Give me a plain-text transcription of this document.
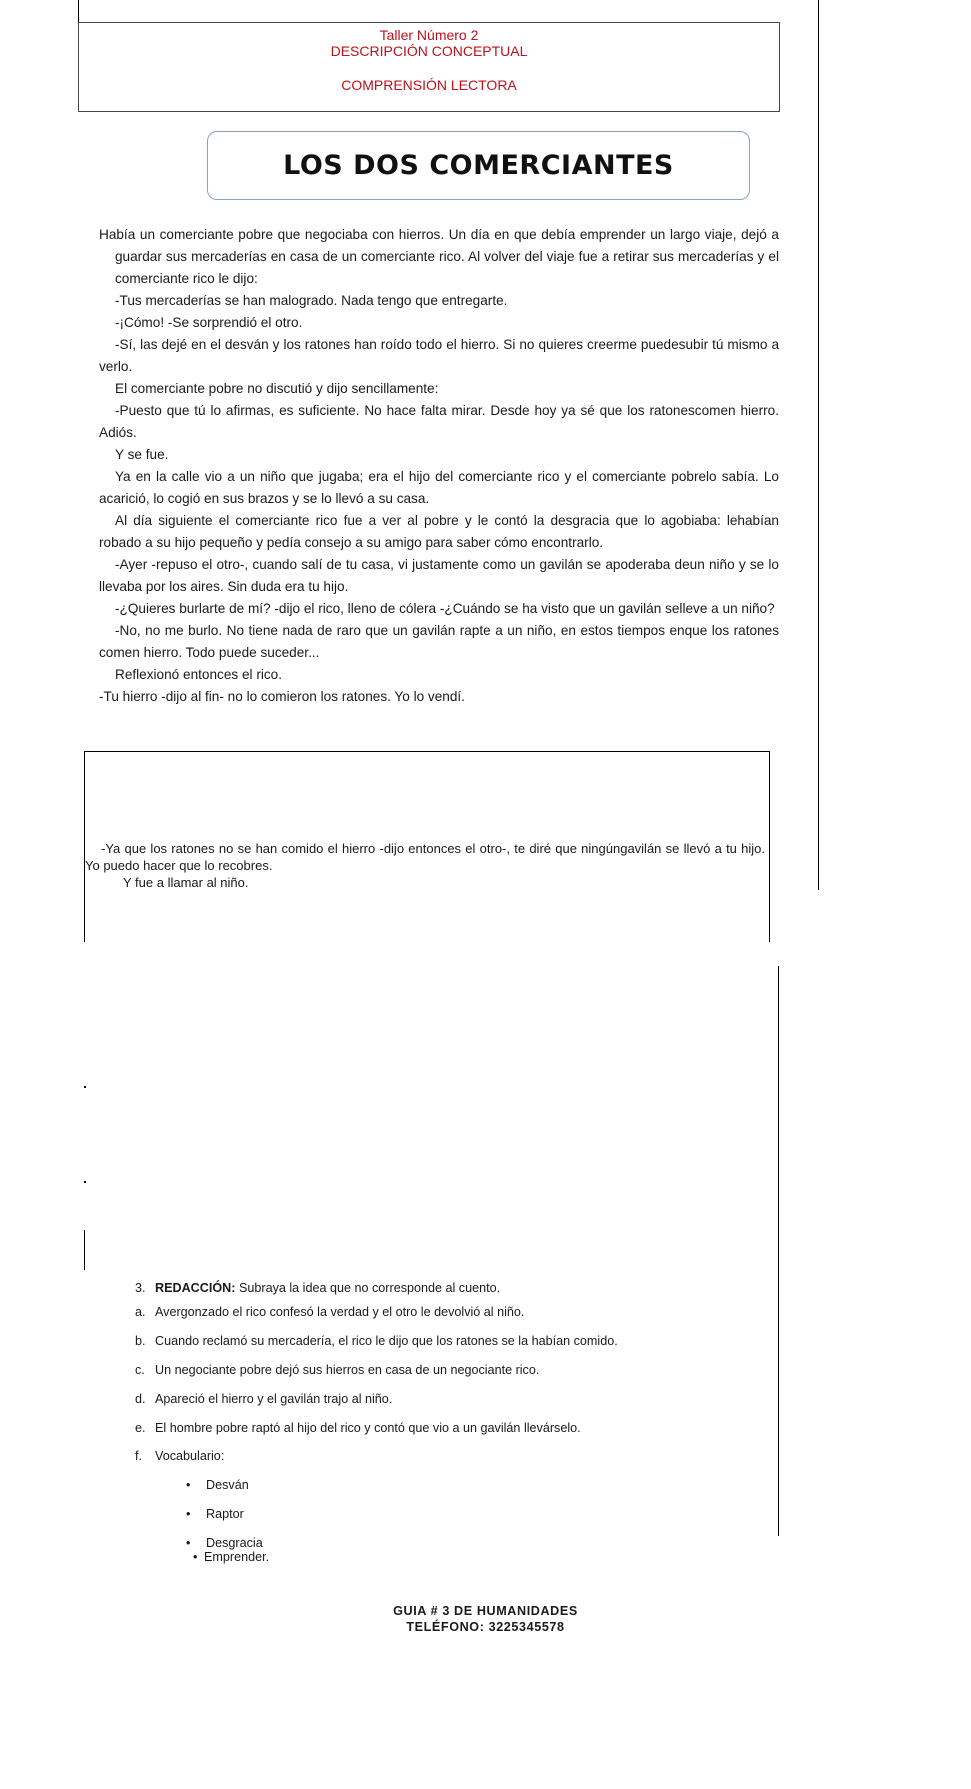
Taller Número 2
DESCRIPCIÓN CONCEPTUAL
COMPRENSIÓN LECTORA
LOS DOS COMERCIANTES

Había un comerciante pobre que negociaba con hierros. Un día en que debía emprender un largo viaje, dejó a guardar sus mercaderías en casa de un comerciante rico. Al volver del viaje fue a retirar sus mercaderías y el comerciante rico le dijo:

-Tus mercaderías se han malogrado. Nada tengo que entregarte.

-¡Cómo! -Se sorprendió el otro.

-Sí, las dejé en el desván y los ratones han roído todo el hierro. Si no quieres creerme puedesubir tú mismo a verlo.

El comerciante pobre no discutió y dijo sencillamente:

-Puesto que tú lo afirmas, es suficiente. No hace falta mirar. Desde hoy ya sé que los ratonescomen hierro. Adiós.

Y se fue.

Ya en la calle vio a un niño que jugaba; era el hijo del comerciante rico y el comerciante pobrelo sabía. Lo acarició, lo cogió en sus brazos y se lo llevó a su casa.

Al día siguiente el comerciante rico fue a ver al pobre y le contó la desgracia que lo agobiaba: lehabían robado a su hijo pequeño y pedía consejo a su amigo para saber cómo encontrarlo.

-Ayer -repuso el otro-, cuando salí de tu casa, vi justamente como un gavilán se apoderaba deun niño y se lo llevaba por los aires. Sin duda era tu hijo.

-¿Quieres burlarte de mí? -dijo el rico, lleno de cólera -¿Cuándo se ha visto que un gavilán selleve a un niño?

-No, no me burlo. No tiene nada de raro que un gavilán rapte a un niño, en estos tiempos enque los ratones comen hierro. Todo puede suceder...

Reflexionó entonces el rico.

-Tu hierro -dijo al fin- no lo comieron los ratones. Yo lo vendí.

-Ya que los ratones no se han comido el hierro -dijo entonces el otro-, te diré que ningúngavilán se llevó a tu hijo. Yo puedo hacer que lo recobres.

Y fue a llamar al niño.

3. REDACCIÓN: Subraya la idea que no corresponde al cuento.
a. Avergonzado el rico confesó la verdad y el otro le devolvió al niño.
b. Cuando reclamó su mercadería, el rico le dijo que los ratones se la habían comido.
c. Un negociante pobre dejó sus hierros en casa de un negociante rico.
d. Apareció el hierro y el gavilán trajo al niño.
e. El hombre pobre raptó al hijo del rico y contó que vio a un gavilán llevárselo.
f. Vocabulario:
• Desván
• Raptor
• Desgracia
• Emprender.
GUIA # 3 DE HUMANIDADES
TELÉFONO: 3225345578
